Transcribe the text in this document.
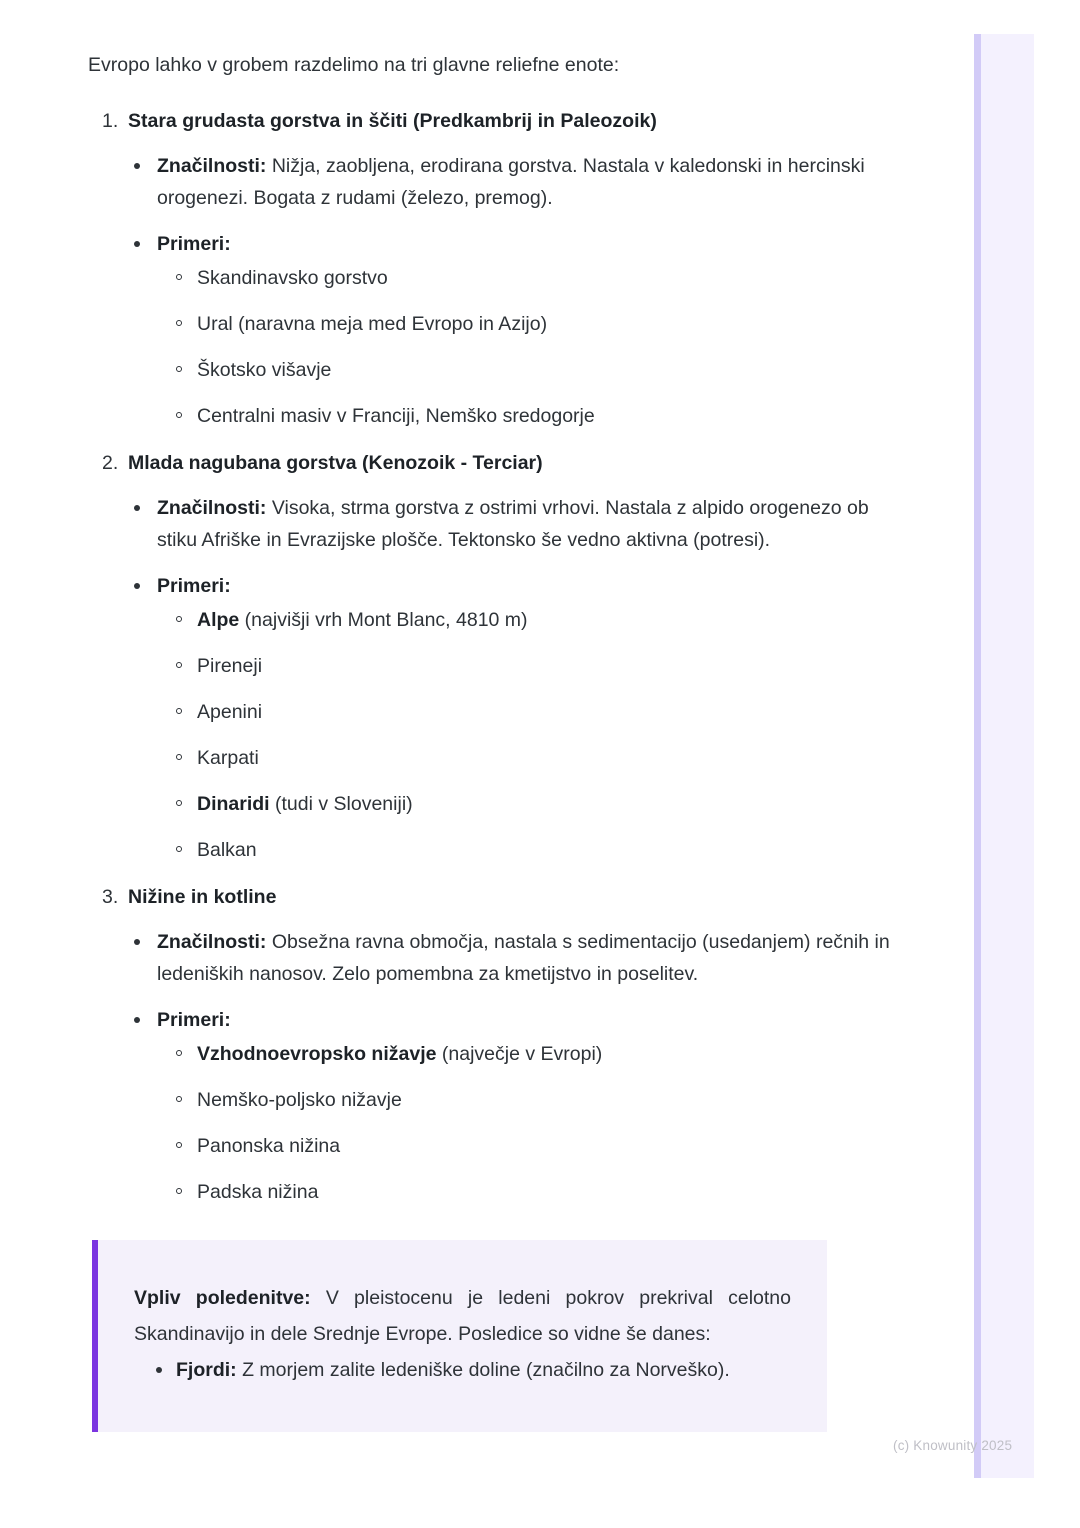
Evropo lahko v grobem razdelimo na tri glavne reliefne enote:

Stara grudasta gorstva in ščiti (Predkambrij in Paleozoik)
Značilnosti: Nižja, zaobljena, erodirana gorstva. Nastala v kaledonski in hercinski orogenezi. Bogata z rudami (železo, premog).
Primeri:
Skandinavsko gorstvo
Ural (naravna meja med Evropo in Azijo)
Škotsko višavje
Centralni masiv v Franciji, Nemško sredogorje
Mlada nagubana gorstva (Kenozoik - Terciar)
Značilnosti: Visoka, strma gorstva z ostrimi vrhovi. Nastala z alpido orogenezo ob stiku Afriške in Evrazijske plošče. Tektonsko še vedno aktivna (potresi).
Primeri:
Alpe (najvišji vrh Mont Blanc, 4810 m)
Pireneji
Apenini
Karpati
Dinaridi (tudi v Sloveniji)
Balkan
Nižine in kotline
Značilnosti: Obsežna ravna območja, nastala s sedimentacijo (usedanjem) rečnih in ledeniških nanosov. Zelo pomembna za kmetijstvo in poselitev.
Primeri:
Vzhodnoevropsko nižavje (največje v Evropi)
Nemško-poljsko nižavje
Panonska nižina
Padska nižina

Vpliv poledenitve: V pleistocenu je ledeni pokrov prekrival celotno Skandinavijo in dele Srednje Evrope. Posledice so vidne še danes:

Fjordi: Z morjem zalite ledeniške doline (značilno za Norveško).
(c) Knowunity 2025
